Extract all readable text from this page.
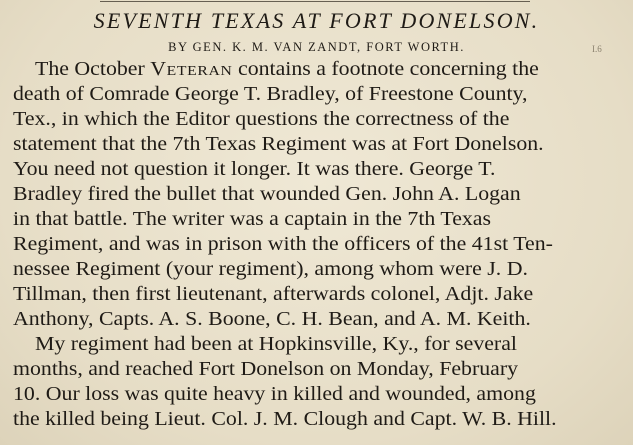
SEVENTH TEXAS AT FORT DONELSON.
BY GEN. K. M. VAN ZANDT, FORT WORTH.	I.6
The October Veteran contains a footnote concerning the
death of Comrade George T. Bradley, of Freestone County,
Tex., in which the Editor questions the correctness of the
statement that the 7th Texas Regiment was at Fort Donelson.
You need not question it longer. It was there. George T.
Bradley fired the bullet that wounded Gen. John A. Logan
in that battle. The writer was a captain in the 7th Texas
Regiment, and was in prison with the officers of the 41st Ten-
nessee Regiment (your regiment), among whom were J. D.
Tillman, then first lieutenant, afterwards colonel, Adjt. Jake
Anthony, Capts. A. S. Boone, C. H. Bean, and A. M. Keith.
My regiment had been at Hopkinsville, Ky., for several
months, and reached Fort Donelson on Monday, February
10. Our loss was quite heavy in killed and wounded, among
the killed being Lieut. Col. J. M. Clough and Capt. W. B. Hill.
